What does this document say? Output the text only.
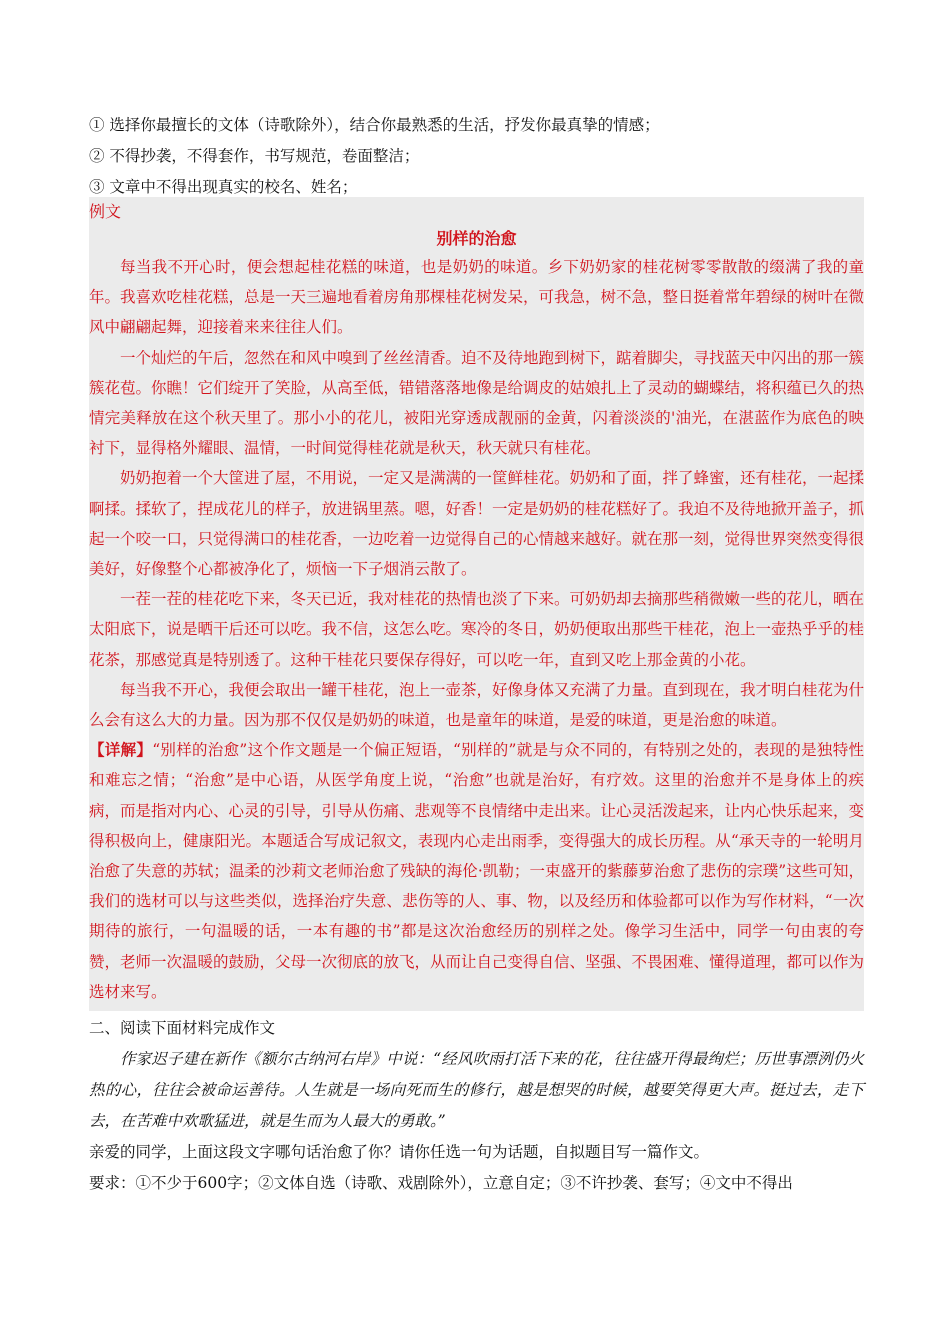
① 选择你最擅长的文体（诗歌除外），结合你最熟悉的生活，抒发你最真挚的情感；
② 不得抄袭，不得套作，书写规范，卷面整洁；
③ 文章中不得出现真实的校名、姓名；
例文
别样的治愈

每当我不开心时，便会想起桂花糕的味道，也是奶奶的味道。乡下奶奶家的桂花树零零散散的缀满了我的童年。我喜欢吃桂花糕，总是一天三遍地看着房角那棵桂花树发呆，可我急，树不急，整日挺着常年碧绿的树叶在微风中翩翩起舞，迎接着来来往往人们。

一个灿烂的午后，忽然在和风中嗅到了丝丝清香。迫不及待地跑到树下，踮着脚尖，寻找蓝天中闪出的那一簇簇花苞。你瞧！它们绽开了笑脸，从高至低，错错落落地像是给调皮的姑娘扎上了灵动的蝴蝶结，将积蕴已久的热情完美释放在这个秋天里了。那小小的花儿，被阳光穿透成靓丽的金黄，闪着淡淡的'油光，在湛蓝作为底色的映衬下，显得格外耀眼、温情，一时间觉得桂花就是秋天，秋天就只有桂花。

奶奶抱着一个大筐进了屋，不用说，一定又是满满的一筐鲜桂花。奶奶和了面，拌了蜂蜜，还有桂花，一起揉啊揉。揉软了，捏成花儿的样子，放进锅里蒸。嗯，好香！一定是奶奶的桂花糕好了。我迫不及待地掀开盖子，抓起一个咬一口，只觉得满口的桂花香，一边吃着一边觉得自己的心情越来越好。就在那一刻，觉得世界突然变得很美好，好像整个心都被净化了，烦恼一下子烟消云散了。

一茬一茬的桂花吃下来，冬天已近，我对桂花的热情也淡了下来。可奶奶却去摘那些稍微嫩一些的花儿，晒在太阳底下，说是晒干后还可以吃。我不信，这怎么吃。寒冷的冬日，奶奶便取出那些干桂花，泡上一壶热乎乎的桂花茶，那感觉真是特别透了。这种干桂花只要保存得好，可以吃一年，直到又吃上那金黄的小花。

每当我不开心，我便会取出一罐干桂花，泡上一壶茶，好像身体又充满了力量。直到现在，我才明白桂花为什么会有这么大的力量。因为那不仅仅是奶奶的味道，也是童年的味道，是爱的味道，更是治愈的味道。

【详解】“别样的治愈”这个作文题是一个偏正短语，“别样的”就是与众不同的，有特别之处的，表现的是独特性和难忘之情；“治愈”是中心语，从医学角度上说，“治愈”也就是治好，有疗效。这里的治愈并不是身体上的疾病，而是指对内心、心灵的引导，引导从伤痛、悲观等不良情绪中走出来。让心灵活泼起来，让内心快乐起来，变得积极向上，健康阳光。本题适合写成记叙文，表现内心走出雨季，变得强大的成长历程。从“承天寺的一轮明月治愈了失意的苏轼；温柔的沙莉文老师治愈了残缺的海伦·凯勒；一束盛开的紫藤萝治愈了悲伤的宗璞”这些可知，我们的选材可以与这些类似，选择治疗失意、悲伤等的人、事、物，以及经历和体验都可以作为写作材料，“一次期待的旅行，一句温暖的话，一本有趣的书”都是这次治愈经历的别样之处。像学习生活中，同学一句由衷的夸赞，老师一次温暖的鼓励，父母一次彻底的放飞，从而让自己变得自信、坚强、不畏困难、懂得道理，都可以作为选材来写。

二、阅读下面材料完成作文

作家迟子建在新作《额尔古纳河右岸》中说：“经风吹雨打活下来的花，往往盛开得最绚烂；历世事漂洌仍火热的心，往往会被命运善待。人生就是一场向死而生的修行，越是想哭的时候，越要笑得更大声。挺过去，走下去，在苦难中欢歌猛进，就是生而为人最大的勇敢。”

亲爱的同学，上面这段文字哪句话治愈了你？请你任选一句为话题，自拟题目写一篇作文。

要求：①不少于600字；②文体自选（诗歌、戏剧除外），立意自定；③不许抄袭、套写；④文中不得出
